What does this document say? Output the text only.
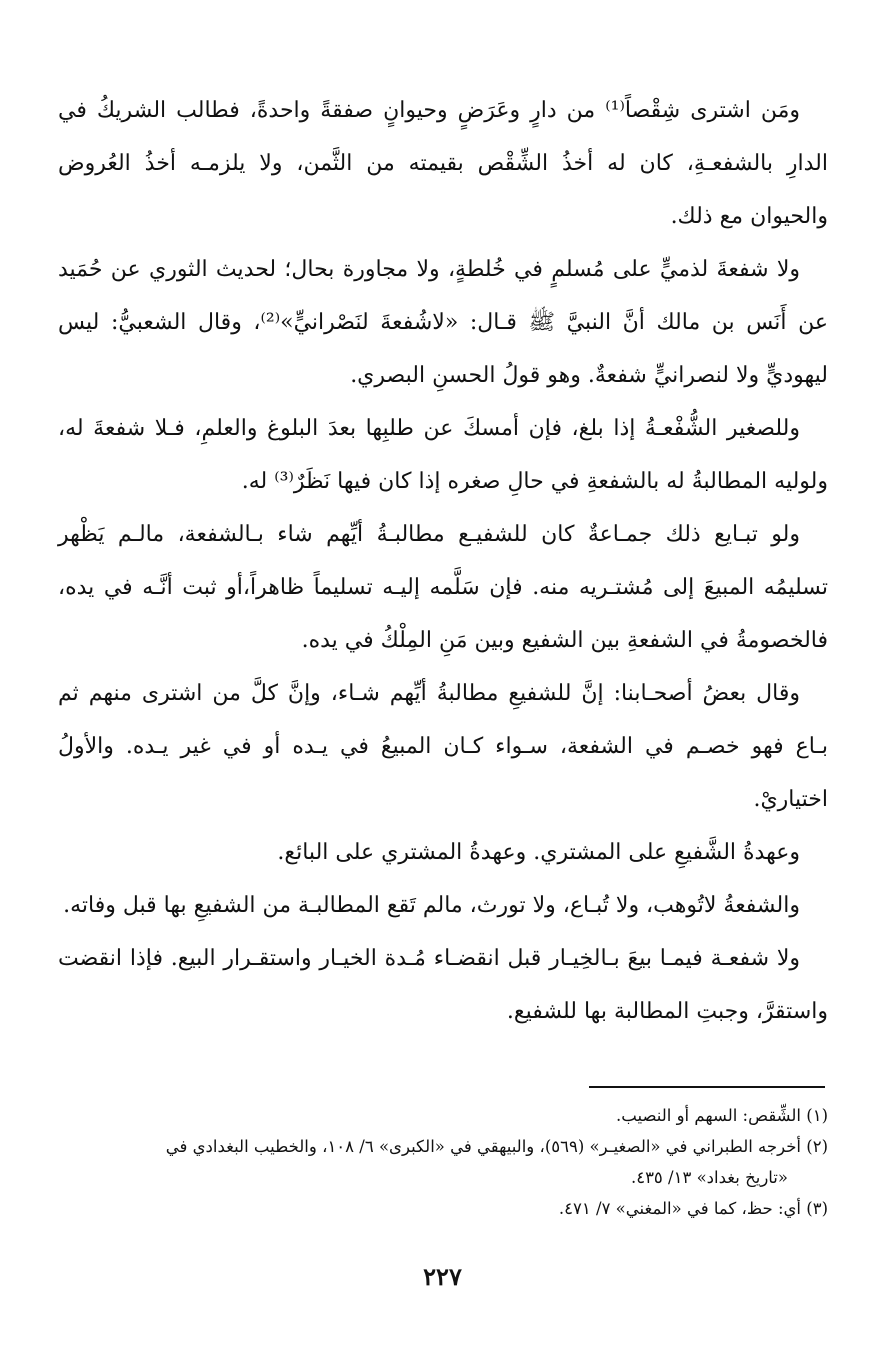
ومَن اشترى شِقْصاً⁽¹⁾ من دارٍ وعَرَضٍ وحيوانٍ صفقةً واحدةً، فطالب الشريكُ في الدارِ بالشفعـةِ، كان له أخذُ الشِّقْص بقيمته من الثَّمن، ولا يلزمـه أخذُ العُروض والحيوان مع ذلك.

ولا شفعةَ لذميٍّ على مُسلمٍ في خُلطةٍ، ولا مجاورة بحال؛ لحديث الثوري عن حُمَيد عن أَنَس بن مالك أنَّ النبيَّ ﷺ قـال: «لاشُفعةَ لنَصْرانيٍّ»⁽²⁾، وقال الشعبيُّ: ليس ليهوديٍّ ولا لنصرانيٍّ شفعةٌ. وهو قولُ الحسنِ البصري.

وللصغير الشُّفْعـةُ إذا بلغ، فإن أمسكَ عن طلبِها بعدَ البلوغ والعلمِ، فـلا شفعةَ له، ولوليه المطالبةُ له بالشفعةِ في حالِ صغره إذا كان فيها نَظَرٌ⁽³⁾ له.

ولو تبـايع ذلك جمـاعةٌ كان للشفيـع مطالبـةُ أيِّهم شاء بـالشفعة، مالـم يَظْهر تسليمُه المبيعَ إلى مُشتـريه منه. فإن سَلَّمه إليـه تسليماً ظاهراً،أو ثبت أنَّـه في يده، فالخصومةُ في الشفعةِ بين الشفيع وبين مَنِ المِلْكُ في يده.

وقال بعضُ أصحـابنا: إنَّ للشفيعِ مطالبةُ أيِّهم شـاء، وإنَّ كلَّ من اشترى منهم ثم بـاع فهو خصـم في الشفعة، سـواء كـان المبيعُ في يـده أو في غير يـده. والأولُ اختياريْ.

وعهدةُ الشَّفيعِ على المشتري. وعهدةُ المشتري على البائع.

والشفعةُ لاتُوهب، ولا تُبـاع، ولا تورث، مالم تَقع المطالبـة من الشفيعِ بها قبل وفاته.

ولا شفعـة فيمـا بيعَ بـالخِيـار قبل انقضـاء مُـدة الخيـار واستقـرار البيع. فإذا انقضت واستقرَّ، وجبتِ المطالبة بها للشفيع.

(١) الشِّقص: السهم أو النصيب.

(٢) أخرجه الطبراني في «الصغيـر» (٥٦٩)، والبيهقي في «الكبرى» ٦/ ١٠٨، والخطيب البغدادي في

«تاريخ بغداد» ١٣/ ٤٣٥.

(٣) أي: حظ، كما في «المغني» ٧/ ٤٧١.

٢٢٧
